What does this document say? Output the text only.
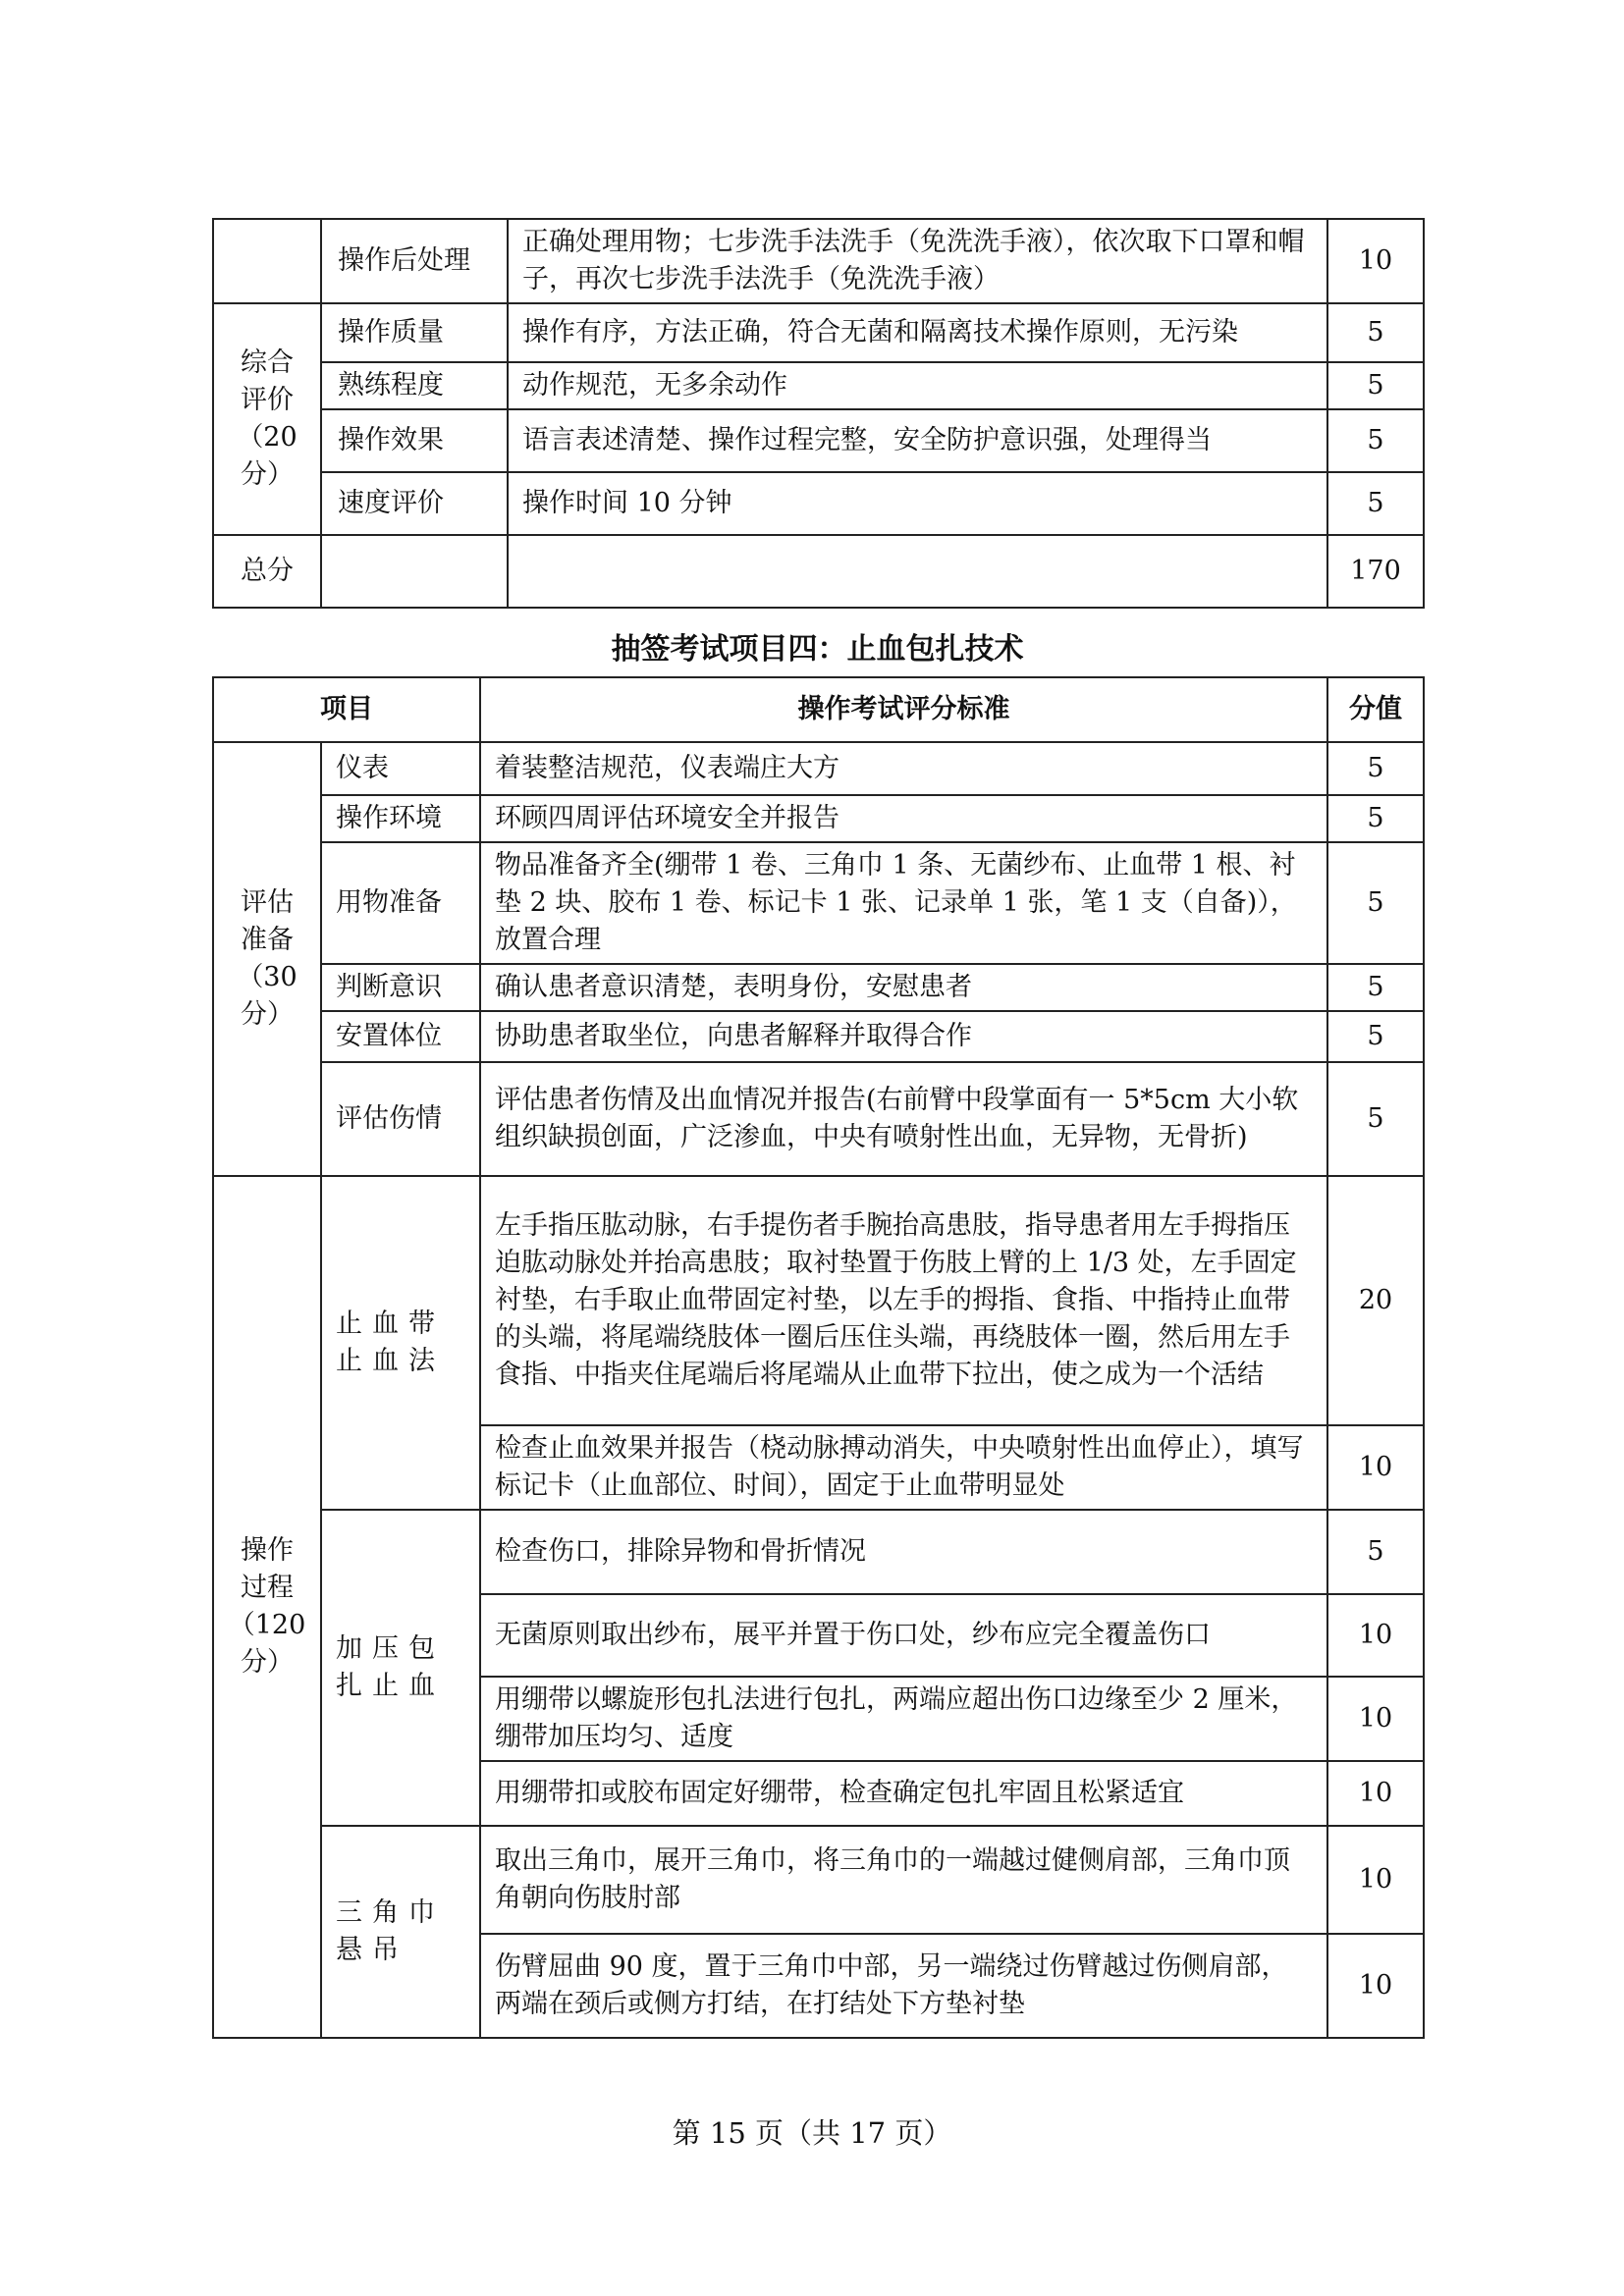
	操作后处理	正确处理用物；七步洗手法洗手（免洗洗手液），依次取下口罩和帽子，再次七步洗手法洗手（免洗洗手液）	10

综合
评价
（20
分）	操作质量	操作有序，方法正确，符合无菌和隔离技术操作原则，无污染	5
	熟练程度	动作规范，无多余动作	5
	操作效果	语言表述清楚、操作过程完整，安全防护意识强，处理得当	5
	速度评价	操作时间 10 分钟	5
总分			170
抽签考试项目四：止血包扎技术
项目		操作考试评分标准	分值

评估
准备
（30
分）	仪表	着装整洁规范，仪表端庄大方	5
	操作环境	环顾四周评估环境安全并报告	5
	用物准备	物品准备齐全(绷带 1 卷、三角巾 1 条、无菌纱布、止血带 1 根、衬垫 2 块、胶布 1 卷、标记卡 1 张、记录单 1 张，笔 1 支（自备)），放置合理	5
	判断意识	确认患者意识清楚，表明身份，安慰患者	5
	安置体位	协助患者取坐位，向患者解释并取得合作	5
	评估伤情	评估患者伤情及出血情况并报告(右前臂中段掌面有一 5*5cm 大小软组织缺损创面，广泛渗血，中央有喷射性出血，无异物，无骨折)	5

操作
过程
（120
分）	止血带止血法	左手指压肱动脉，右手提伤者手腕抬高患肢，指导患者用左手拇指压迫肱动脉处并抬高患肢；取衬垫置于伤肢上臂的上 1/3 处，左手固定衬垫，右手取止血带固定衬垫，以左手的拇指、食指、中指持止血带的头端，将尾端绕肢体一圈后压住头端，再绕肢体一圈，然后用左手食指、中指夹住尾端后将尾端从止血带下拉出，使之成为一个活结	20
		检查止血效果并报告（桡动脉搏动消失，中央喷射性出血停止），填写标记卡（止血部位、时间），固定于止血带明显处	10
	加压包扎止血	检查伤口，排除异物和骨折情况	5
		无菌原则取出纱布，展平并置于伤口处，纱布应完全覆盖伤口	10
		用绷带以螺旋形包扎法进行包扎，两端应超出伤口边缘至少 2 厘米，绷带加压均匀、适度	10
		用绷带扣或胶布固定好绷带，检查确定包扎牢固且松紧适宜	10
	三角巾悬吊	取出三角巾，展开三角巾，将三角巾的一端越过健侧肩部，三角巾顶角朝向伤肢肘部	10
		伤臂屈曲 90 度，置于三角巾中部，另一端绕过伤臂越过伤侧肩部，两端在颈后或侧方打结，在打结处下方垫衬垫	10
第 15 页（共 17 页）
